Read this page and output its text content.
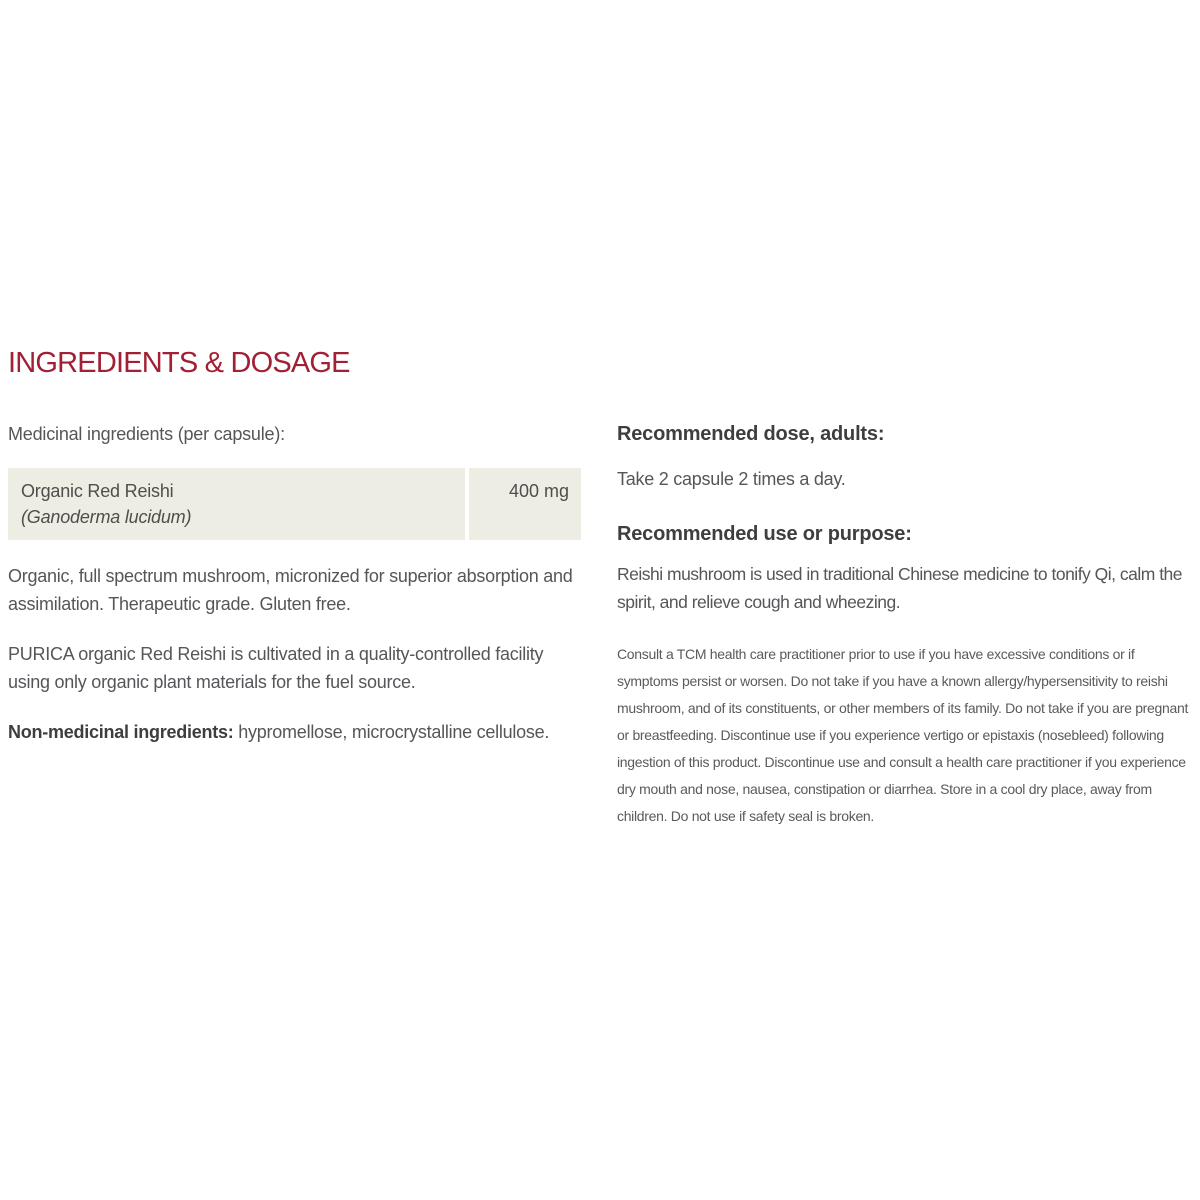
INGREDIENTS & DOSAGE

Medicinal ingredients (per capsule):

Organic Red Reishi
(Ganoderma lucidum)
400 mg

Organic, full spectrum mushroom, micronized for superior absorption and assimilation. Therapeutic grade. Gluten free.

PURICA organic Red Reishi is cultivated in a quality-controlled facility using only organic plant materials for the fuel source.

Non-medicinal ingredients: hypromellose, microcrystalline cellulose.

Recommended dose, adults:

Take 2 capsule 2 times a day.

Recommended use or purpose:

Reishi mushroom is used in traditional Chinese medicine to tonify Qi, calm the spirit, and relieve cough and wheezing.

Consult a TCM health care practitioner prior to use if you have excessive conditions or if symptoms persist or worsen. Do not take if you have a known allergy/hypersensitivity to reishi mushroom, and of its constituents, or other members of its family. Do not take if you are pregnant or breastfeeding. Discontinue use if you experience vertigo or epistaxis (nosebleed) following ingestion of this product. Discontinue use and consult a health care practitioner if you experience dry mouth and nose, nausea, constipation or diarrhea. Store in a cool dry place, away from children. Do not use if safety seal is broken.
